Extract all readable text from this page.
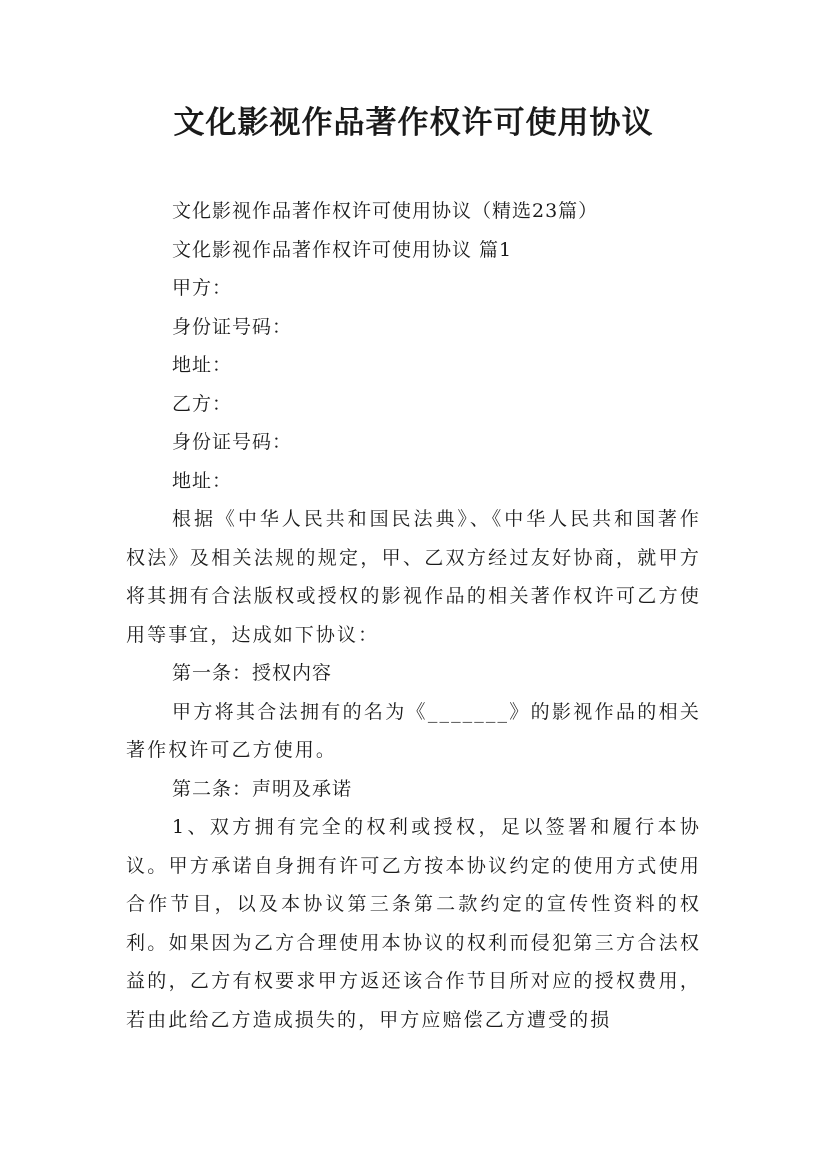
文化影视作品著作权许可使用协议

文化影视作品著作权许可使用协议（精选23篇）

文化影视作品著作权许可使用协议 篇1

甲方：

身份证号码：

地址：

乙方：

身份证号码：

地址：

根据《中华人民共和国民法典》、《中华人民共和国著作权法》及相关法规的规定，甲、乙双方经过友好协商，就甲方将其拥有合法版权或授权的影视作品的相关著作权许可乙方使用等事宜，达成如下协议：

第一条：授权内容

甲方将其合法拥有的名为《_______》的影视作品的相关著作权许可乙方使用。

第二条：声明及承诺

1、双方拥有完全的权利或授权，足以签署和履行本协议。甲方承诺自身拥有许可乙方按本协议约定的使用方式使用合作节目，以及本协议第三条第二款约定的宣传性资料的权利。如果因为乙方合理使用本协议的权利而侵犯第三方合法权益的，乙方有权要求甲方返还该合作节目所对应的授权费用，若由此给乙方造成损失的，甲方应赔偿乙方遭受的损
